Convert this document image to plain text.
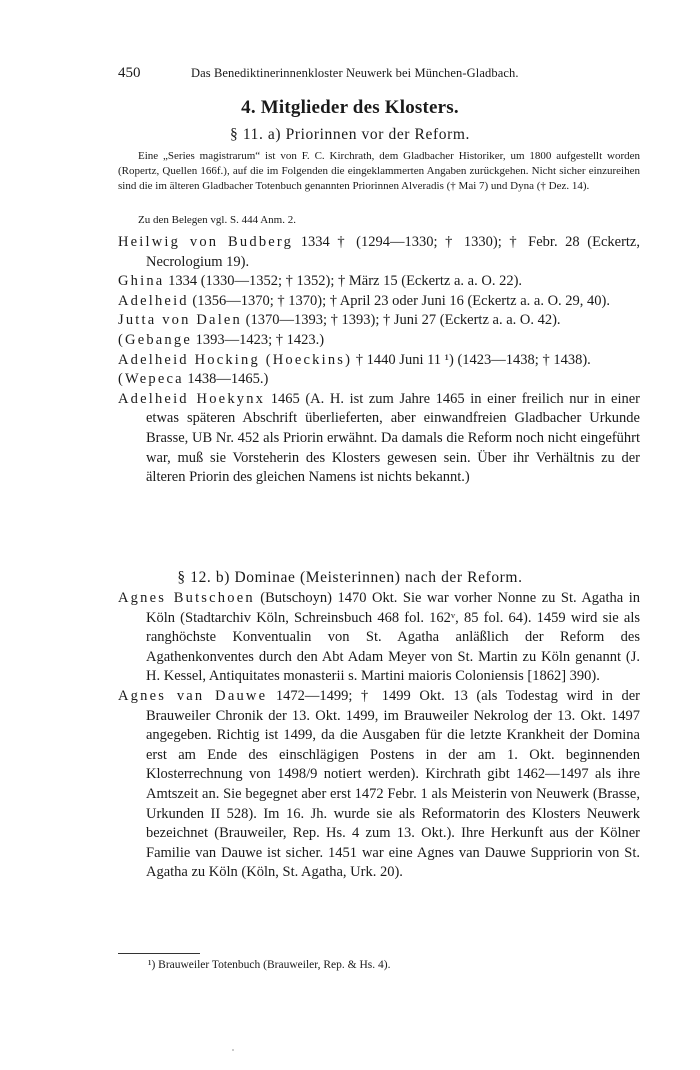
450	Das Benediktinerinnenkloster Neuwerk bei München-Gladbach.
4. Mitglieder des Klosters.
§ 11. a) Priorinnen vor der Reform.
Eine „Series magistrarum“ ist von F. C. Kirchrath, dem Gladbacher Historiker, um 1800 aufgestellt worden (Ropertz, Quellen 166f.), auf die im Folgenden die eingeklammerten Angaben zurückgehen. Nicht sicher einzureihen sind die im älteren Gladbacher Totenbuch genannten Priorinnen Alveradis († Mai 7) und Dyna († Dez. 14).
Zu den Belegen vgl. S. 444 Anm. 2.
Heilwig von Budberg 1334 † (1294—1330; † 1330); † Febr. 28 (Eckertz, Necrologium 19).
Ghina 1334 (1330—1352; † 1352); † März 15 (Eckertz a. a. O. 22).
Adelheid (1356—1370; † 1370); † April 23 oder Juni 16 (Eckertz a. a. O. 29, 40).
Jutta von Dalen (1370—1393; † 1393); † Juni 27 (Eckertz a. a. O. 42).
(Gebange 1393—1423; † 1423.)
Adelheid Hocking (Hoeckins) † 1440 Juni 11 ¹) (1423—1438; † 1438).
(Wepeca 1438—1465.)
Adelheid Hoekynx 1465 (A. H. ist zum Jahre 1465 in einer freilich nur in einer etwas späteren Abschrift überlieferten, aber einwandfreien Gladbacher Urkunde Brasse, UB Nr. 452 als Priorin erwähnt. Da damals die Reform noch nicht eingeführt war, muß sie Vorsteherin des Klosters gewesen sein. Über ihr Verhältnis zu der älteren Priorin des gleichen Namens ist nichts bekannt.)
§ 12. b) Dominae (Meisterinnen) nach der Reform.
Agnes Butschoen (Butschoyn) 1470 Okt. Sie war vorher Nonne zu St. Agatha in Köln (Stadtarchiv Köln, Schreinsbuch 468 fol. 162ᵛ, 85 fol. 64). 1459 wird sie als ranghöchste Konventualin von St. Agatha anläßlich der Reform des Agathenkonventes durch den Abt Adam Meyer von St. Martin zu Köln genannt (J. H. Kessel, Antiquitates monasterii s. Martini maioris Coloniensis [1862] 390).
Agnes van Dauwe 1472—1499; † 1499 Okt. 13 (als Todestag wird in der Brauweiler Chronik der 13. Okt. 1499, im Brauweiler Nekrolog der 13. Okt. 1497 angegeben. Richtig ist 1499, da die Ausgaben für die letzte Krankheit der Domina erst am Ende des einschlägigen Postens in der am 1. Okt. beginnenden Klosterrechnung von 1498/9 notiert werden). Kirchrath gibt 1462—1497 als ihre Amtszeit an. Sie begegnet aber erst 1472 Febr. 1 als Meisterin von Neuwerk (Brasse, Urkunden II 528). Im 16. Jh. wurde sie als Reformatorin des Klosters Neuwerk bezeichnet (Brauweiler, Rep. Hs. 4 zum 13. Okt.). Ihre Herkunft aus der Kölner Familie van Dauwe ist sicher. 1451 war eine Agnes van Dauwe Suppriorin von St. Agatha zu Köln (Köln, St. Agatha, Urk. 20).
¹) Brauweiler Totenbuch (Brauweiler, Rep. & Hs. 4).
